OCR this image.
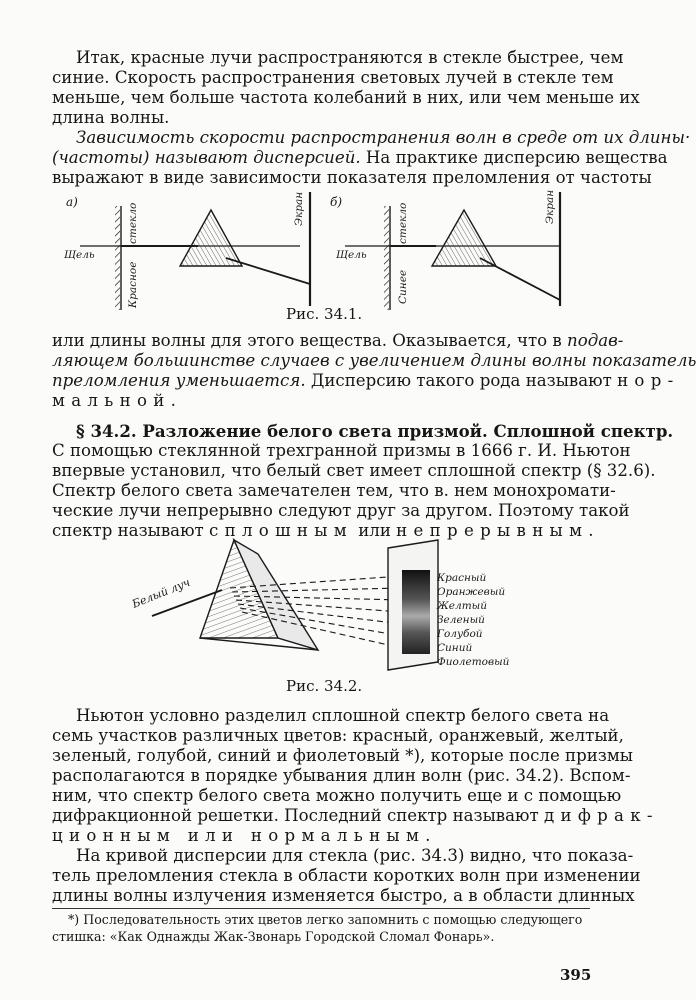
Итак, красные лучи распространяются в стекле быстрее, чем
синие. Скорость распространения световых лучей в стекле тем
меньше, чем больше частота колебаний в них, или чем меньше их
длина волны.
Зависимость скорости распространения волн в среде от их длины·
(частоты) называют дисперсией. На практике дисперсию вещества
выражают в виде зависимости показателя преломления от частоты
а)
Щель
стекло
Красное
Экран б)
Щель
стекло
Синее
Экран
Рис. 34.1.
или длины волны для этого вещества. Оказывается, что в подав-
ляющем большинстве случаев с увеличением длины волны показатель
преломления уменьшается. Дисперсию такого рода называют нор-
мальной.
§ 34.2. Разложение белого света призмой. Сплошной спектр.
С помощью стеклянной трехгранной призмы в 1666 г. И. Ньютон
впервые установил, что белый свет имеет сплошной спектр (§ 32.6).
Спектр белого света замечателен тем, что в. нем монохромати-
ческие лучи непрерывно следуют друг за другом. Поэтому такой
спектр называют сплошным или непрерывным.
Белый луч	Красный
Оранжевый
Желтый
Зеленый
Голубой
Синий
Фиолетовый
Рис. 34.2.
Ньютон условно разделил сплошной спектр белого света на
семь участков различных цветов: красный, оранжевый, желтый,
зеленый, голубой, синий и фиолетовый *), которые после призмы
располагаются в порядке убывания длин волн (рис. 34.2). Вспом-
ним, что спектр белого света можно получить еще и с помощью
дифракционной решетки. Последний спектр называют дифрак-
ционным или нормальным.
На кривой дисперсии для стекла (рис. 34.3) видно, что показа-
тель преломления стекла в области коротких волн при изменении
длины волны излучения изменяется быстро, а в области длинных
*) Последовательность этих цветов легко запомнить с помощью следующего
стишка: «Как Однажды Жак-Звонарь Городской Сломал Фонарь».
395
